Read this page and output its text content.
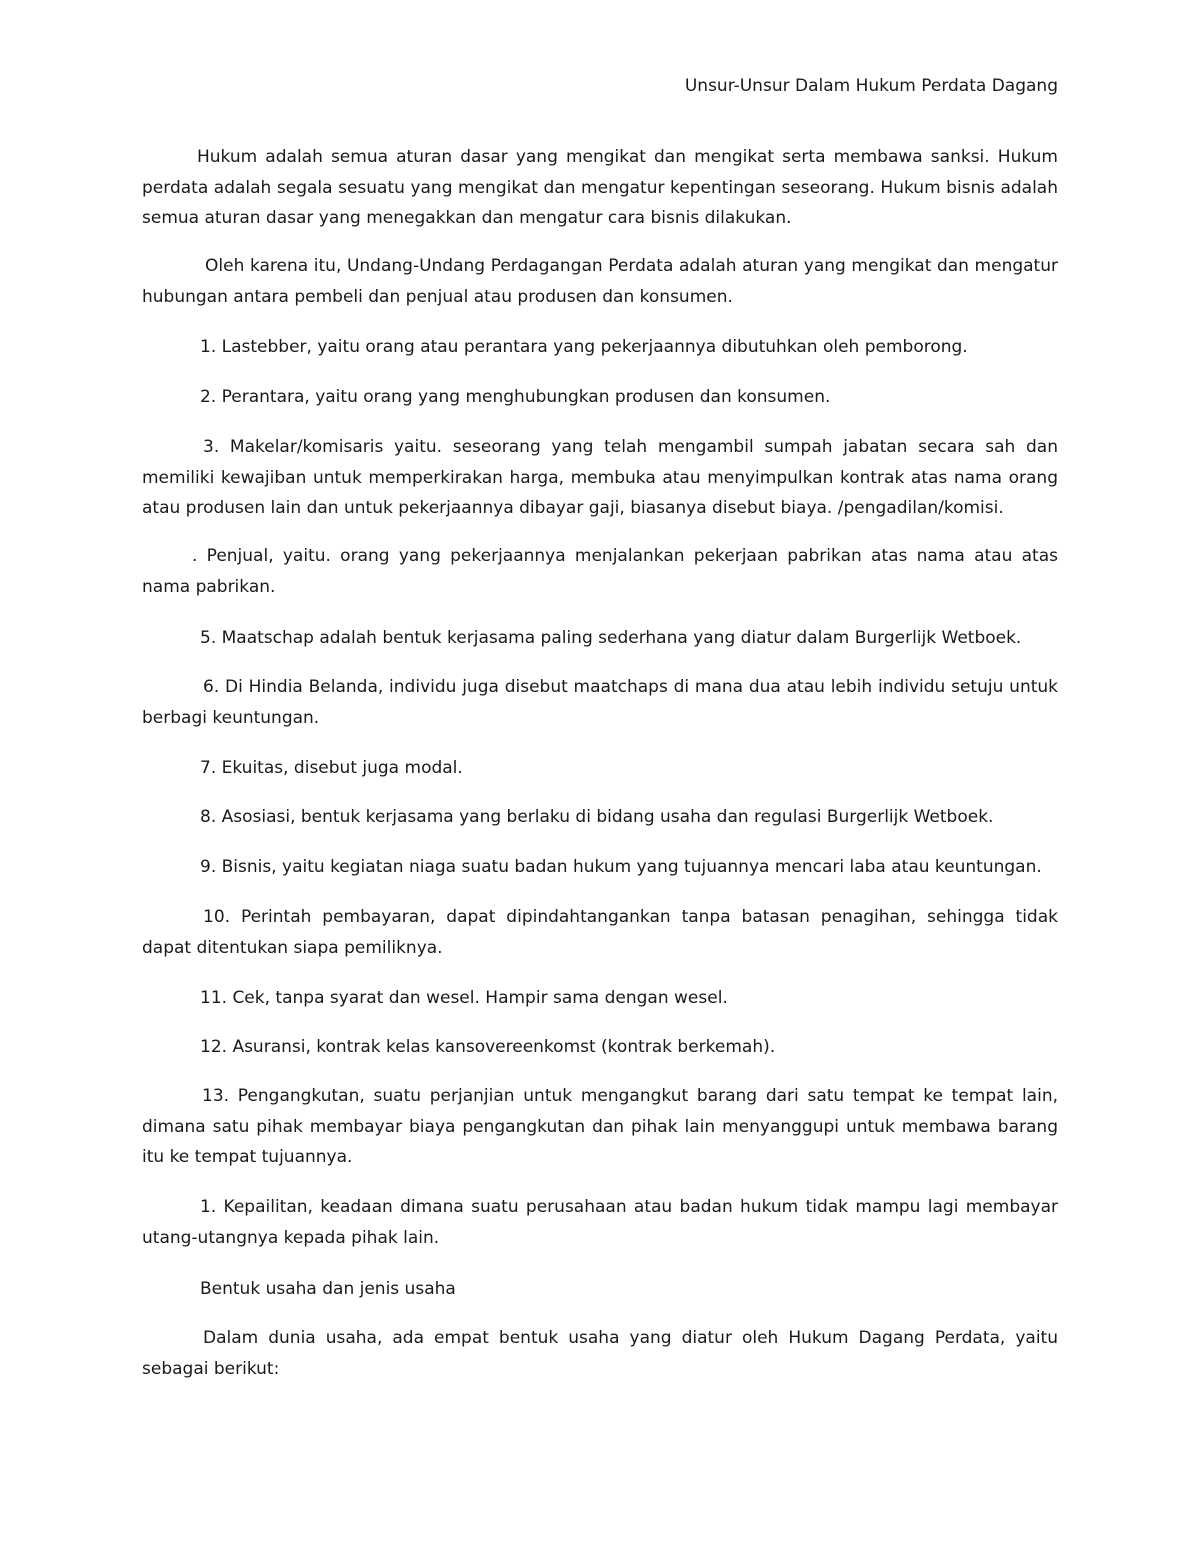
Unsur-Unsur Dalam Hukum Perdata Dagang

Hukum adalah semua aturan dasar yang mengikat dan mengikat serta membawa sanksi. Hukum perdata adalah segala sesuatu yang mengikat dan mengatur kepentingan seseorang. Hukum bisnis adalah semua aturan dasar yang menegakkan dan mengatur cara bisnis dilakukan.

Oleh karena itu, Undang-Undang Perdagangan Perdata adalah aturan yang mengikat dan mengatur hubungan antara pembeli dan penjual atau produsen dan konsumen.

1. Lastebber, yaitu orang atau perantara yang pekerjaannya dibutuhkan oleh pemborong.

2. Perantara, yaitu orang yang menghubungkan produsen dan konsumen.

3. Makelar/komisaris yaitu. seseorang yang telah mengambil sumpah jabatan secara sah dan memiliki kewajiban untuk memperkirakan harga, membuka atau menyimpulkan kontrak atas nama orang atau produsen lain dan untuk pekerjaannya dibayar gaji, biasanya disebut biaya. /pengadilan/komisi.

. Penjual, yaitu. orang yang pekerjaannya menjalankan pekerjaan pabrikan atas nama atau atas nama pabrikan.

5. Maatschap adalah bentuk kerjasama paling sederhana yang diatur dalam Burgerlijk Wetboek.

6. Di Hindia Belanda, individu juga disebut maatchaps di mana dua atau lebih individu setuju untuk berbagi keuntungan.

7. Ekuitas, disebut juga modal.

8. Asosiasi, bentuk kerjasama yang berlaku di bidang usaha dan regulasi Burgerlijk Wetboek.

9. Bisnis, yaitu kegiatan niaga suatu badan hukum yang tujuannya mencari laba atau keuntungan.

10. Perintah pembayaran, dapat dipindahtangankan tanpa batasan penagihan, sehingga tidak dapat ditentukan siapa pemiliknya.

11. Cek, tanpa syarat dan wesel. Hampir sama dengan wesel.

12. Asuransi, kontrak kelas kansovereenkomst (kontrak berkemah).

13. Pengangkutan, suatu perjanjian untuk mengangkut barang dari satu tempat ke tempat lain, dimana satu pihak membayar biaya pengangkutan dan pihak lain menyanggupi untuk membawa barang itu ke tempat tujuannya.

1. Kepailitan, keadaan dimana suatu perusahaan atau badan hukum tidak mampu lagi membayar utang-utangnya kepada pihak lain.

Bentuk usaha dan jenis usaha

Dalam dunia usaha, ada empat bentuk usaha yang diatur oleh Hukum Dagang Perdata, yaitu sebagai berikut:
